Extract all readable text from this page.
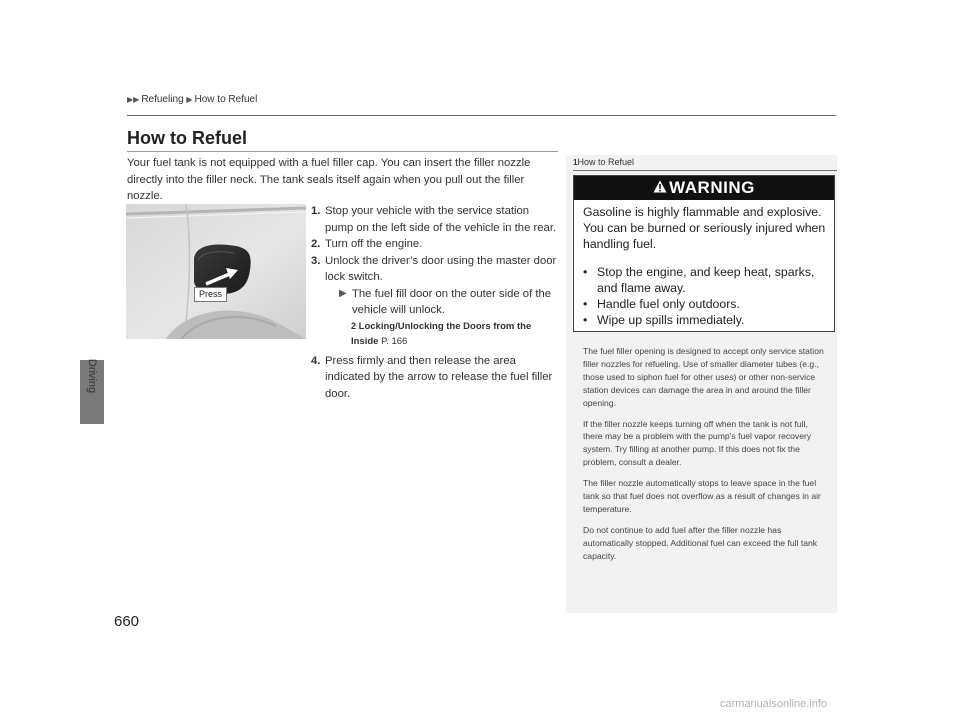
Driving
▶▶ Refueling ▶ How to Refuel
How to Refuel
Your fuel tank is not equipped with a fuel filler cap. You can insert the filler nozzle directly into the filler neck. The tank seals itself again when you pull out the filler nozzle.
Press
1. Stop your vehicle with the service station pump on the left side of the vehicle in the rear.
2. Turn off the engine.
3. Unlock the driver’s door using the master door lock switch.
▶ The fuel fill door on the outer side of the vehicle will unlock.
2 Locking/Unlocking the Doors from the Inside P. 166
4. Press firmly and then release the area indicated by the arrow to release the fuel filler door.
1How to Refuel
WARNING
Gasoline is highly flammable and explosive. You can be burned or seriously injured when handling fuel.
• Stop the engine, and keep heat, sparks, and flame away.
• Handle fuel only outdoors.
• Wipe up spills immediately.

The fuel filler opening is designed to accept only service station filler nozzles for refueling. Use of smaller diameter tubes (e.g., those used to siphon fuel for other uses) or other non-service station devices can damage the area in and around the filler opening.

If the filler nozzle keeps turning off when the tank is not full, there may be a problem with the pump’s fuel vapor recovery system. Try filling at another pump. If this does not fix the problem, consult a dealer.

The filler nozzle automatically stops to leave space in the fuel tank so that fuel does not overflow as a result of changes in air temperature.

Do not continue to add fuel after the filler nozzle has automatically stopped. Additional fuel can exceed the full tank capacity.

660
carmanualsonline.info
